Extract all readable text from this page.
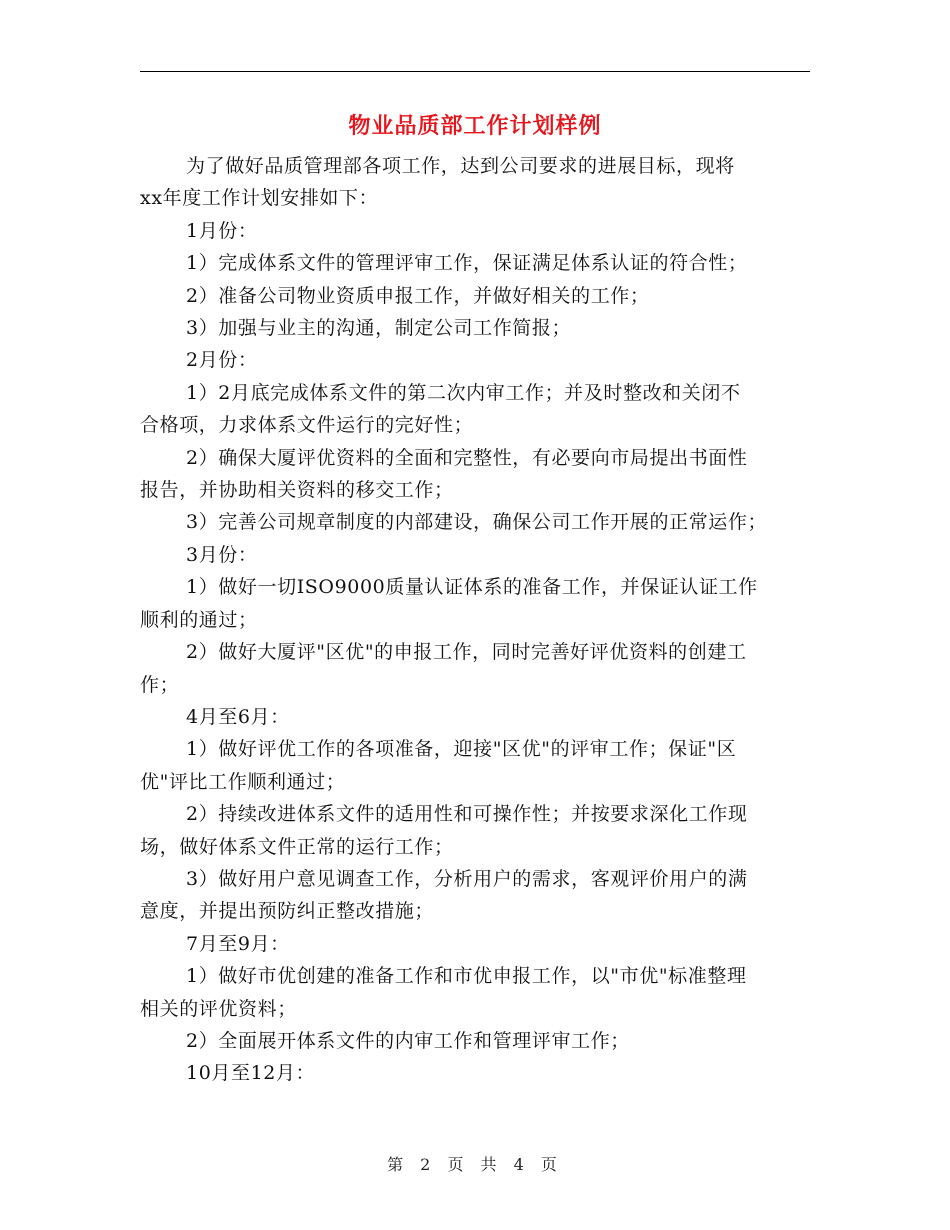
物业品质部工作计划样例
为了做好品质管理部各项工作，达到公司要求的进展目标，现将
xx年度工作计划安排如下：
1月份：
1）完成体系文件的管理评审工作，保证满足体系认证的符合性；
2）准备公司物业资质申报工作，并做好相关的工作；
3）加强与业主的沟通，制定公司工作简报；
2月份：
1）2月底完成体系文件的第二次内审工作；并及时整改和关闭不
合格项，力求体系文件运行的完好性；
2）确保大厦评优资料的全面和完整性，有必要向市局提出书面性
报告，并协助相关资料的移交工作；
3）完善公司规章制度的内部建设，确保公司工作开展的正常运作；
3月份：
1）做好一切ISO9000质量认证体系的准备工作，并保证认证工作
顺利的通过；
2）做好大厦评"区优"的申报工作，同时完善好评优资料的创建工
作；
4月至6月：
1）做好评优工作的各项准备，迎接"区优"的评审工作；保证"区
优"评比工作顺利通过；
2）持续改进体系文件的适用性和可操作性；并按要求深化工作现
场，做好体系文件正常的运行工作；
3）做好用户意见调查工作，分析用户的需求，客观评价用户的满
意度，并提出预防纠正整改措施；
7月至9月：
1）做好市优创建的准备工作和市优申报工作，以"市优"标准整理
相关的评优资料；
2）全面展开体系文件的内审工作和管理评审工作；
10月至12月：
第 2 页 共 4 页
